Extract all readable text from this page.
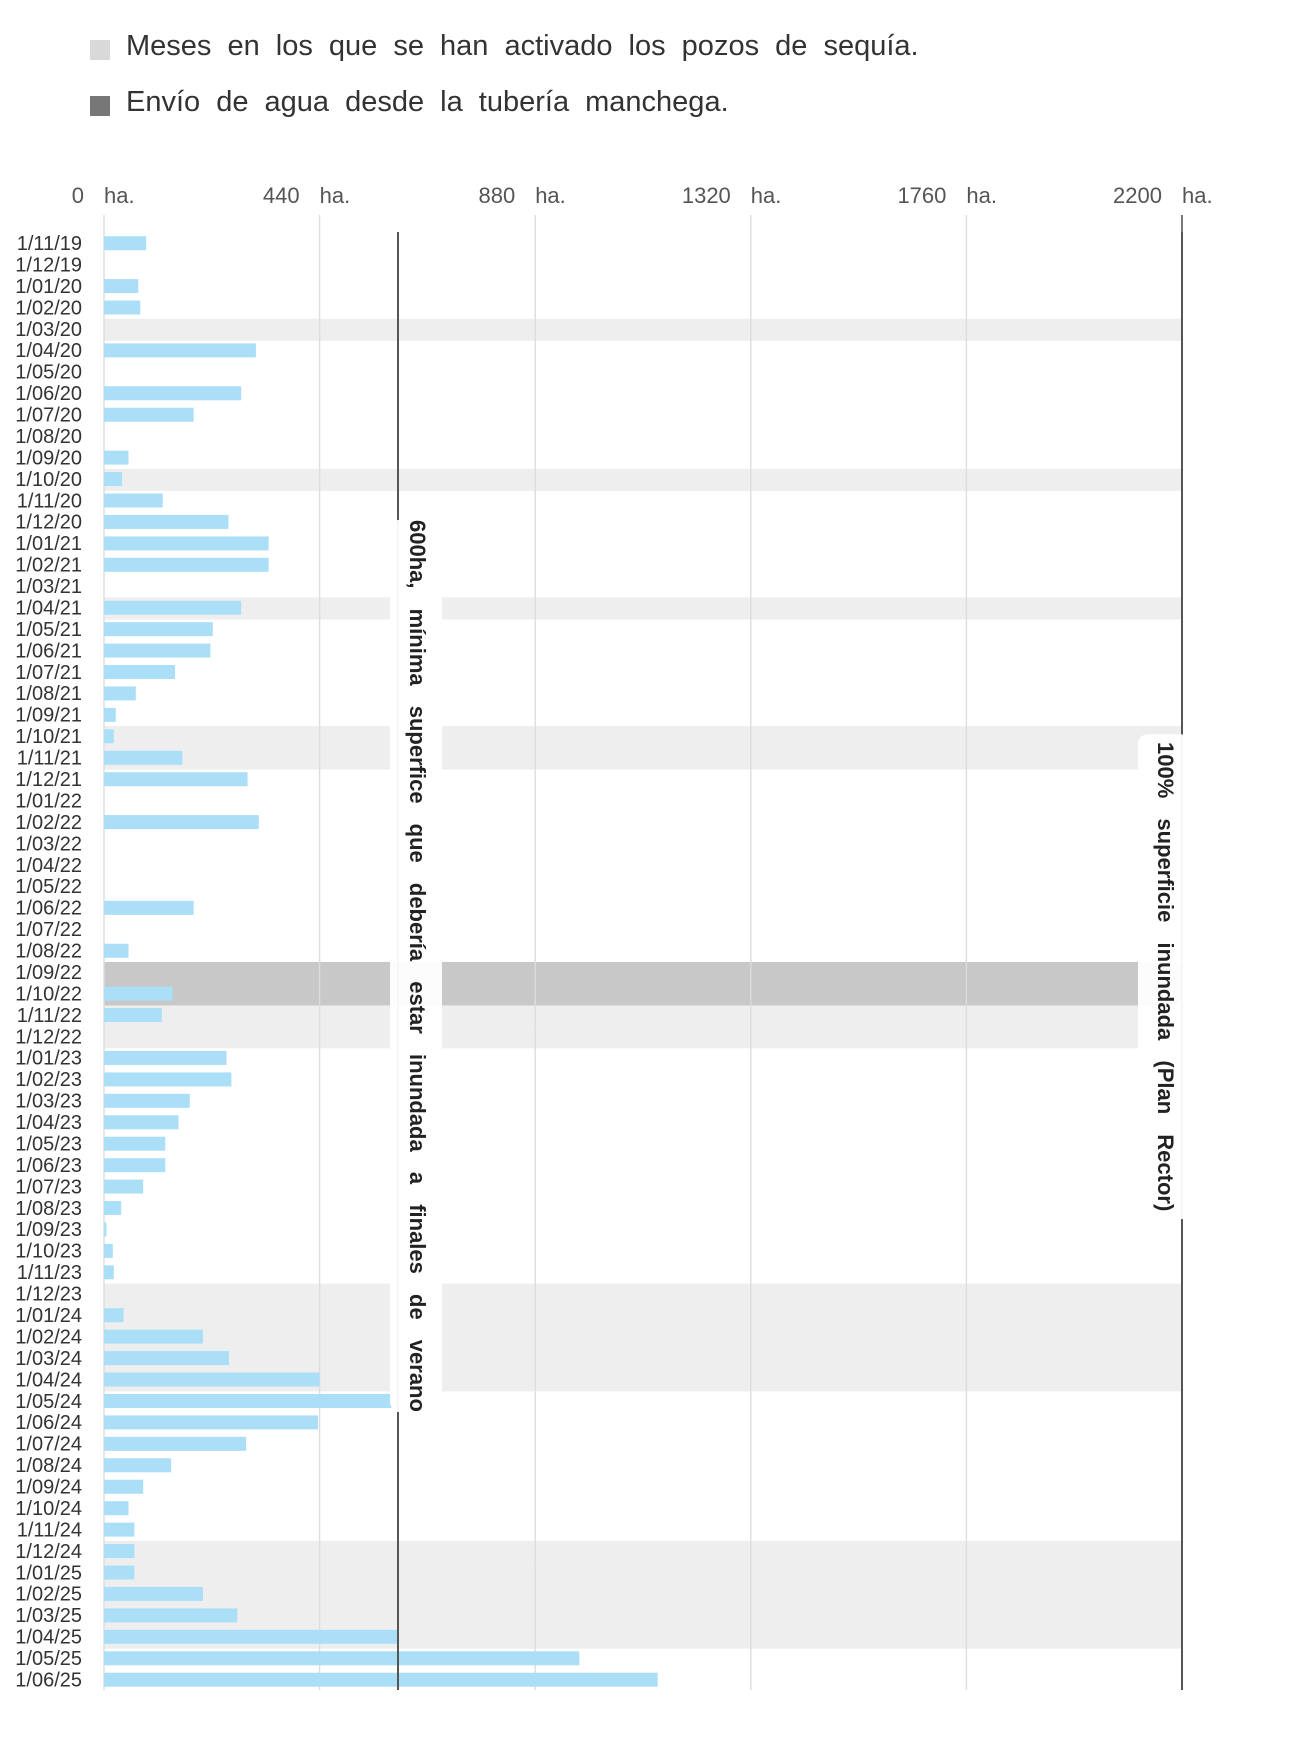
Meses en los que se han activado los pozos de sequía.
Envío de agua desde la tubería manchega.
600ha, mínima superfice que debería estar inundada a finales de verano	100% superficie inundada (Plan Rector)
0 ha.	440 ha.	880 ha.	1320 ha.	1760 ha.	2200 ha.
1/11/19
1/12/19
1/01/20
1/02/20
1/03/20
1/04/20
1/05/20
1/06/20
1/07/20
1/08/20
1/09/20
1/10/20
1/11/20
1/12/20
1/01/21
1/02/21
1/03/21
1/04/21
1/05/21
1/06/21
1/07/21
1/08/21
1/09/21
1/10/21
1/11/21
1/12/21
1/01/22
1/02/22
1/03/22
1/04/22
1/05/22
1/06/22
1/07/22
1/08/22
1/09/22
1/10/22
1/11/22
1/12/22
1/01/23
1/02/23
1/03/23
1/04/23
1/05/23
1/06/23
1/07/23
1/08/23
1/09/23
1/10/23
1/11/23
1/12/23
1/01/24
1/02/24
1/03/24
1/04/24
1/05/24
1/06/24
1/07/24
1/08/24
1/09/24
1/10/24
1/11/24
1/12/24
1/01/25
1/02/25
1/03/25
1/04/25
1/05/25
1/06/25
